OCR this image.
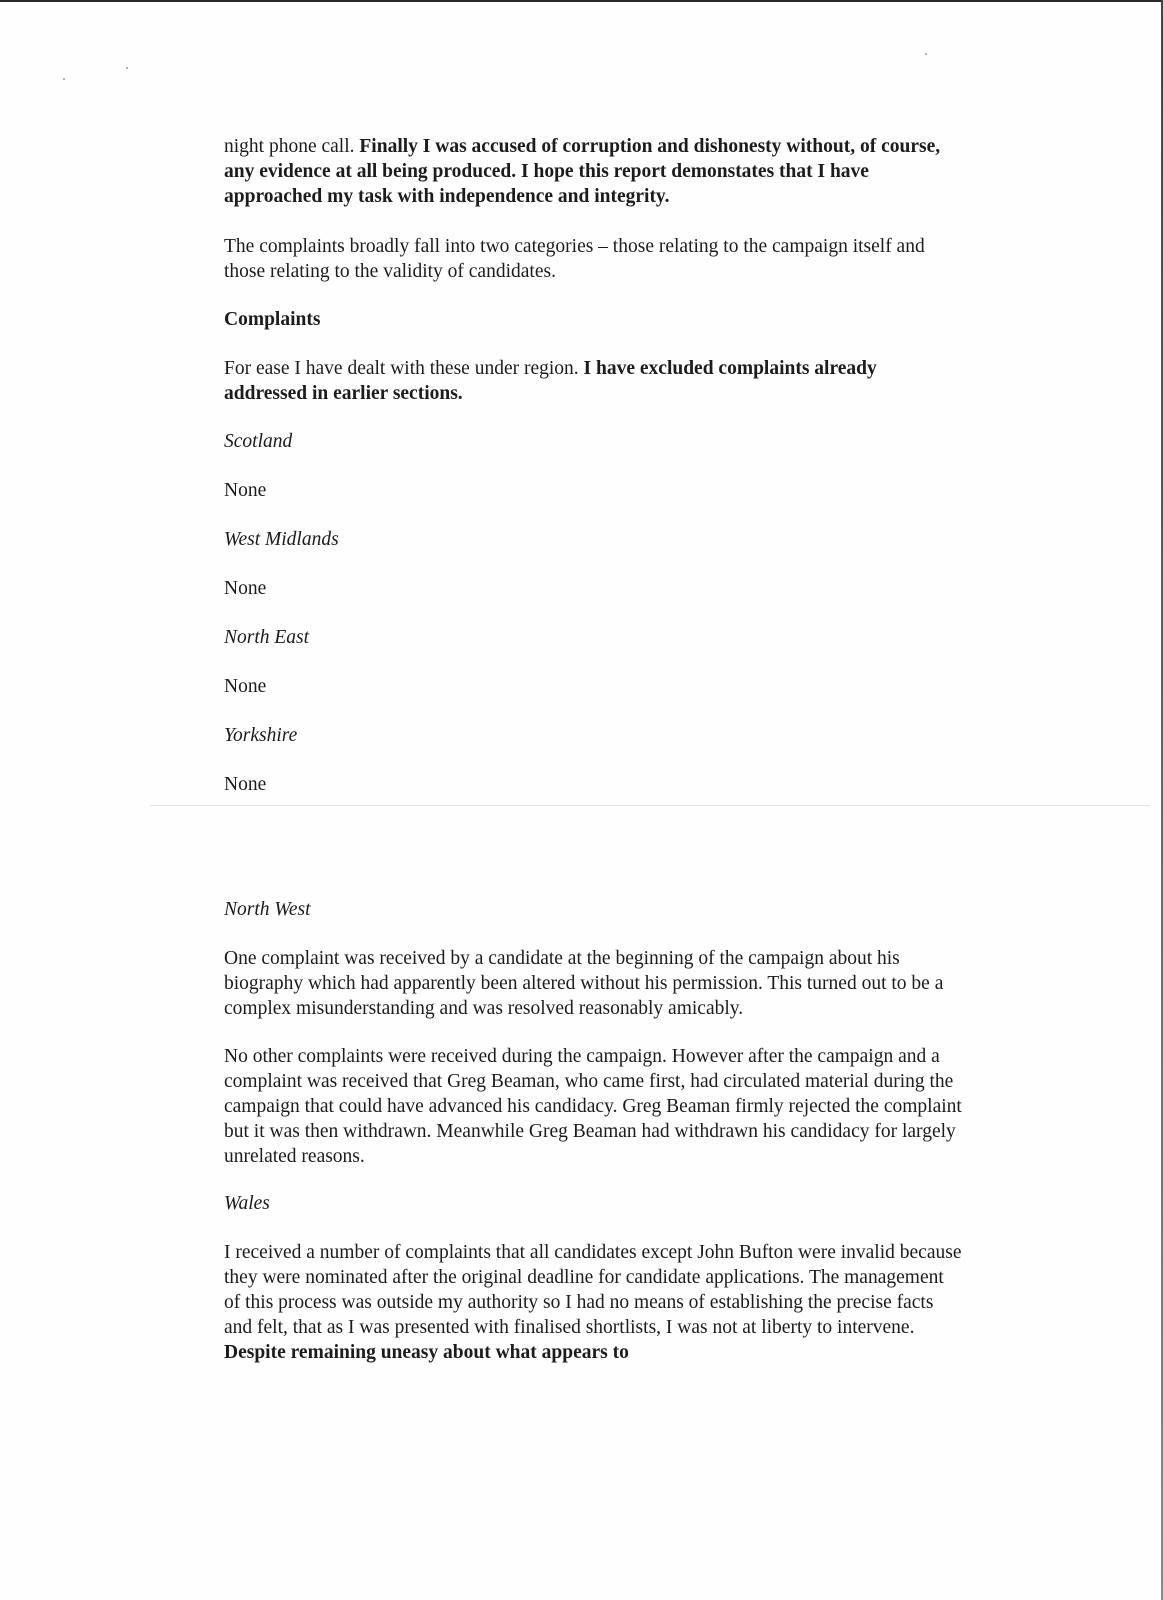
night phone call. Finally I was accused of corruption and dishonesty without, of course, any evidence at all being produced. I hope this report demonstates that I have approached my task with independence and integrity.

The complaints broadly fall into two categories – those relating to the campaign itself and those relating to the validity of candidates.

Complaints

For ease I have dealt with these under region. I have excluded complaints already addressed in earlier sections.

Scotland

None

West Midlands

None

North East

None

Yorkshire

None

North West

One complaint was received by a candidate at the beginning of the campaign about his biography which had apparently been altered without his permission. This turned out to be a complex misunderstanding and was resolved reasonably amicably.

No other complaints were received during the campaign. However after the campaign and a complaint was received that Greg Beaman, who came first, had circulated material during the campaign that could have advanced his candidacy. Greg Beaman firmly rejected the complaint but it was then withdrawn. Meanwhile Greg Beaman had withdrawn his candidacy for largely unrelated reasons.

Wales

I received a number of complaints that all candidates except John Bufton were invalid because they were nominated after the original deadline for candidate applications. The management of this process was outside my authority so I had no means of establishing the precise facts and felt, that as I was presented with finalised shortlists, I was not at liberty to intervene. Despite remaining uneasy about what appears to
